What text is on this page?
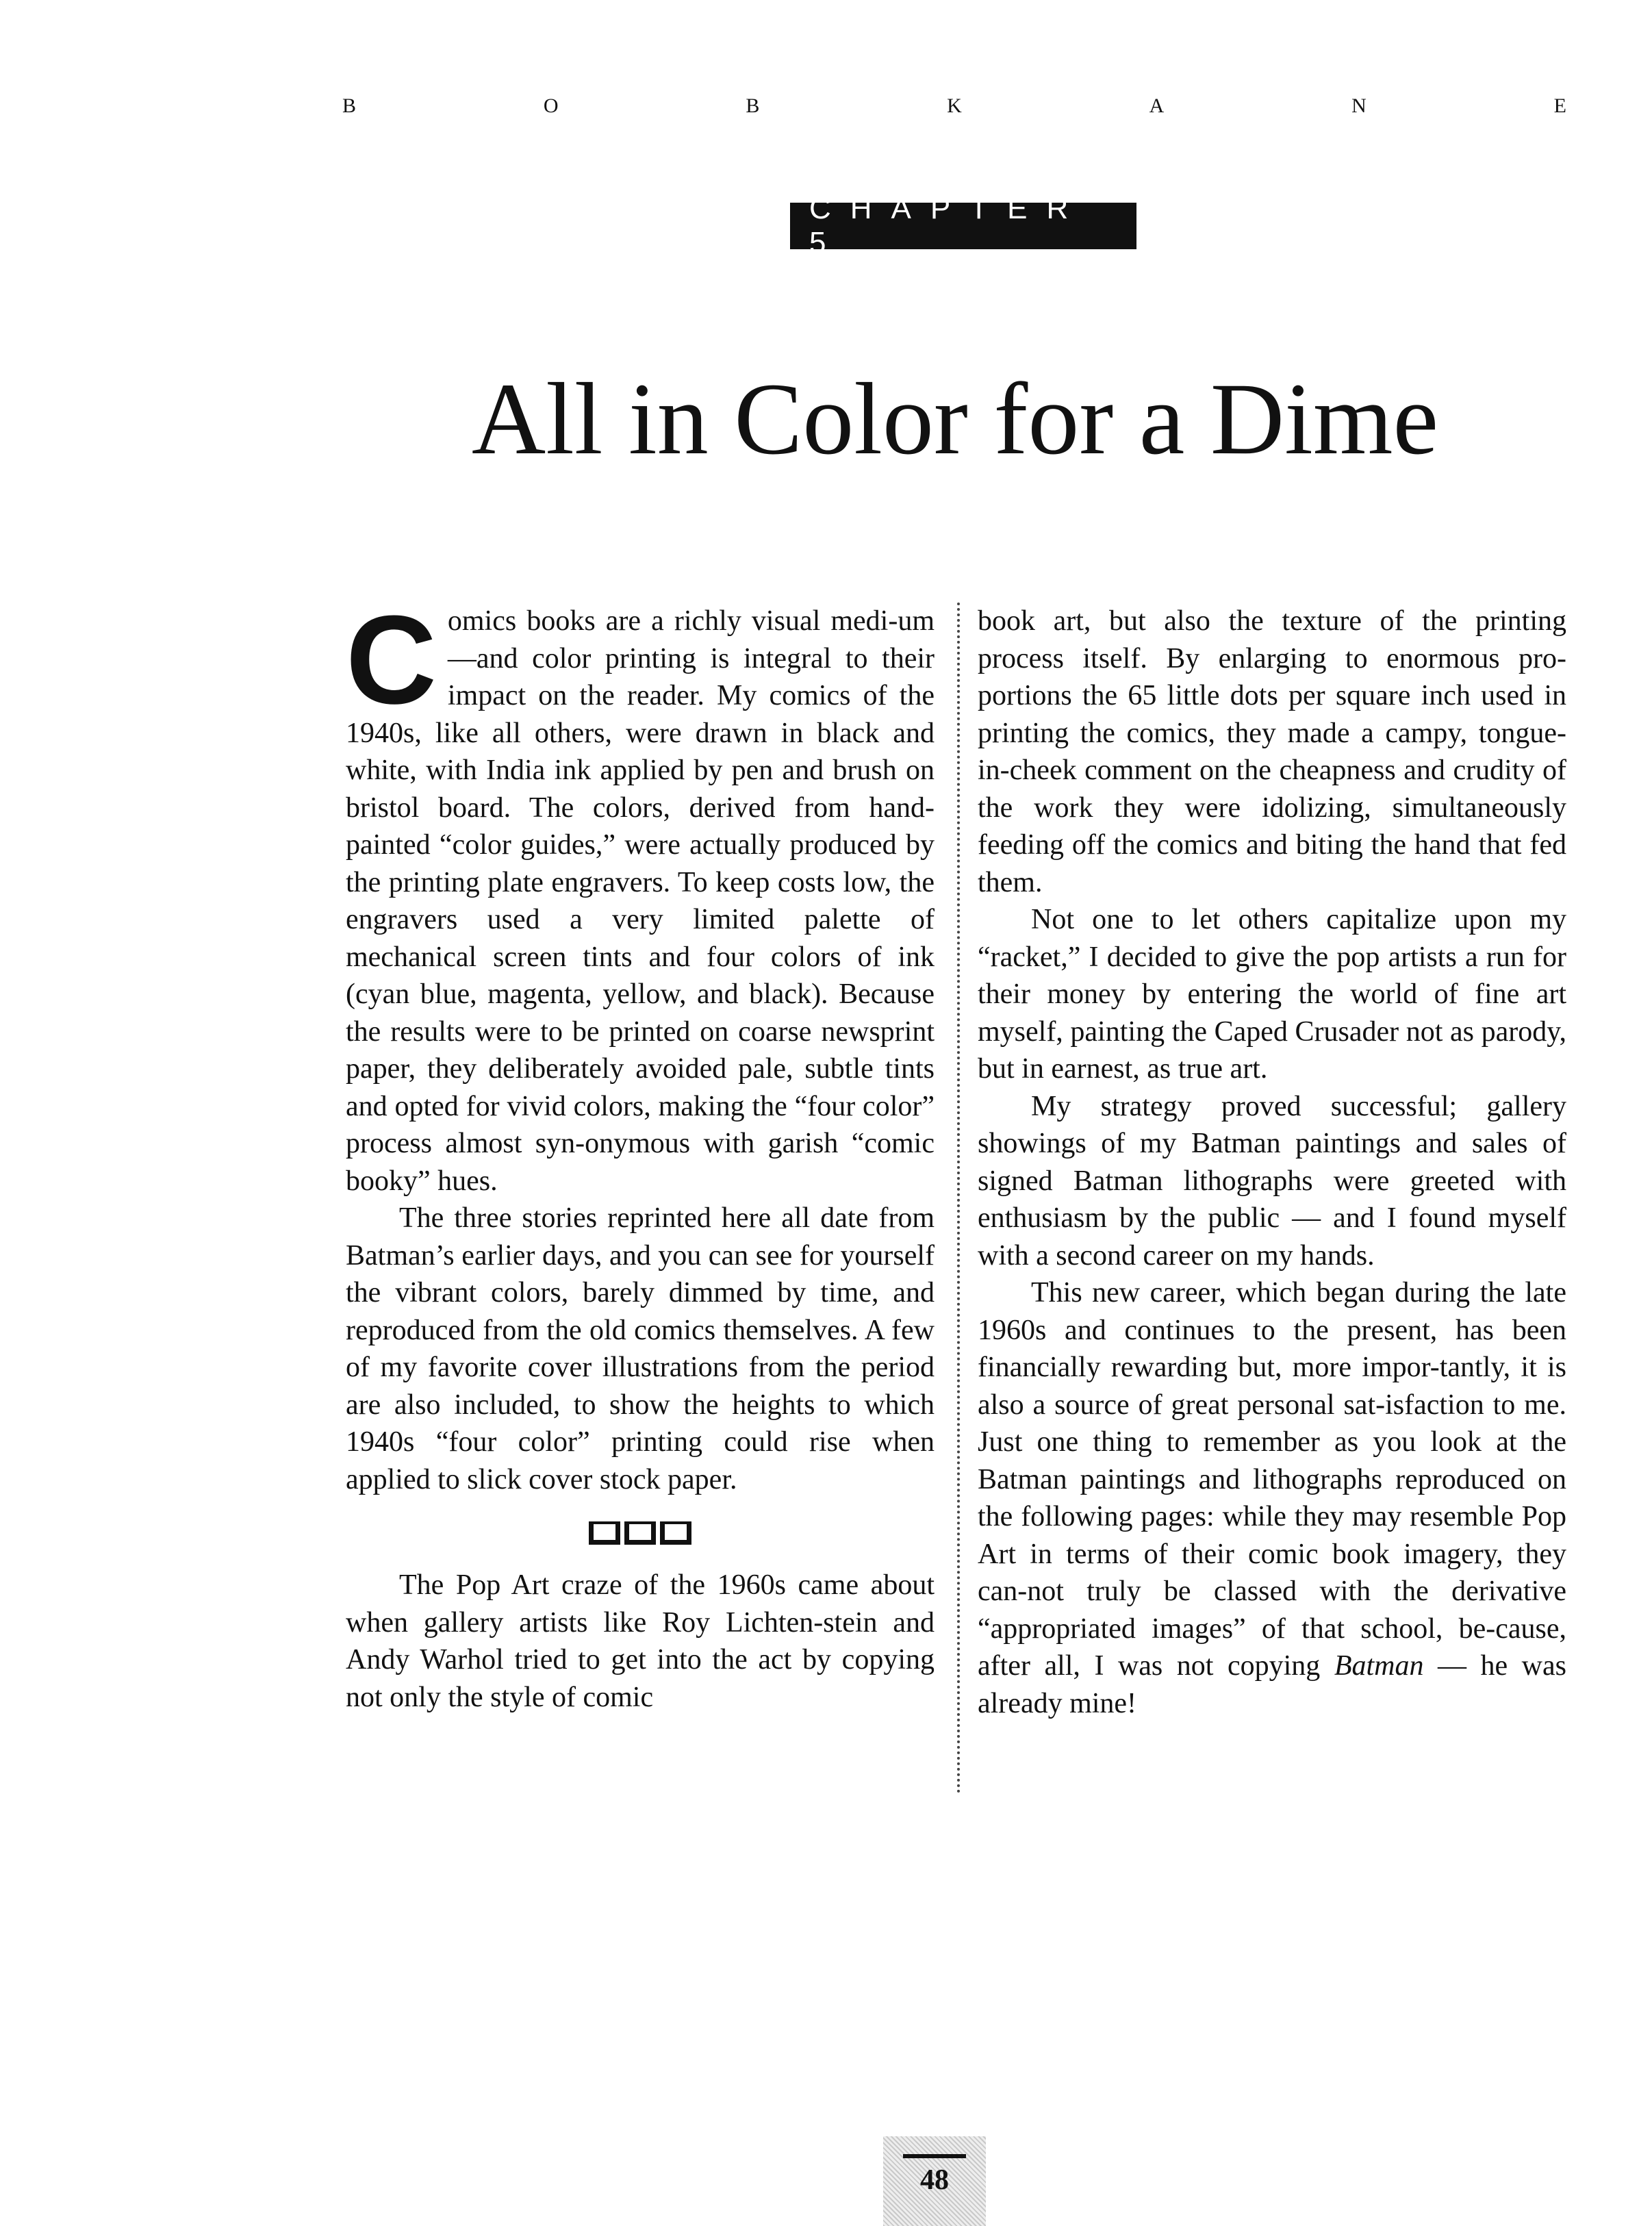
B	O	B	K	A	N	E
CHAPTER 5
All in Color for a Dime

Comics books are a richly visual medi-um—and color printing is integral to their impact on the reader. My comics of the 1940s, like all others, were drawn in black and white, with India ink applied by pen and brush on bristol board. The colors, derived from hand-painted “color guides,” were actually produced by the printing plate engravers. To keep costs low, the engravers used a very limited palette of mechanical screen tints and four colors of ink (cyan blue, magenta, yellow, and black). Because the results were to be printed on coarse newsprint paper, they deliberately avoided pale, subtle tints and opted for vivid colors, making the “four color” process almost syn-onymous with garish “comic booky” hues.

The three stories reprinted here all date from Batman’s earlier days, and you can see for yourself the vibrant colors, barely dimmed by time, and reproduced from the old comics themselves. A few of my favorite cover illustrations from the period are also included, to show the heights to which 1940s “four color” printing could rise when applied to slick cover stock paper.

The Pop Art craze of the 1960s came about when gallery artists like Roy Lichten-stein and Andy Warhol tried to get into the act by copying not only the style of comic

book art, but also the texture of the printing process itself. By enlarging to enormous pro-portions the 65 little dots per square inch used in printing the comics, they made a campy, tongue-in-cheek comment on the cheapness and crudity of the work they were idolizing, simultaneously feeding off the comics and biting the hand that fed them.

Not one to let others capitalize upon my “racket,” I decided to give the pop artists a run for their money by entering the world of fine art myself, painting the Caped Crusader not as parody, but in earnest, as true art.

My strategy proved successful; gallery showings of my Batman paintings and sales of signed Batman lithographs were greeted with enthusiasm by the public — and I found myself with a second career on my hands.

This new career, which began during the late 1960s and continues to the present, has been financially rewarding but, more impor-tantly, it is also a source of great personal sat-isfaction to me. Just one thing to remember as you look at the Batman paintings and lithographs reproduced on the following pages: while they may resemble Pop Art in terms of their comic book imagery, they can-not truly be classed with the derivative “appropriated images” of that school, be-cause, after all, I was not copying Batman — he was already mine!

48
